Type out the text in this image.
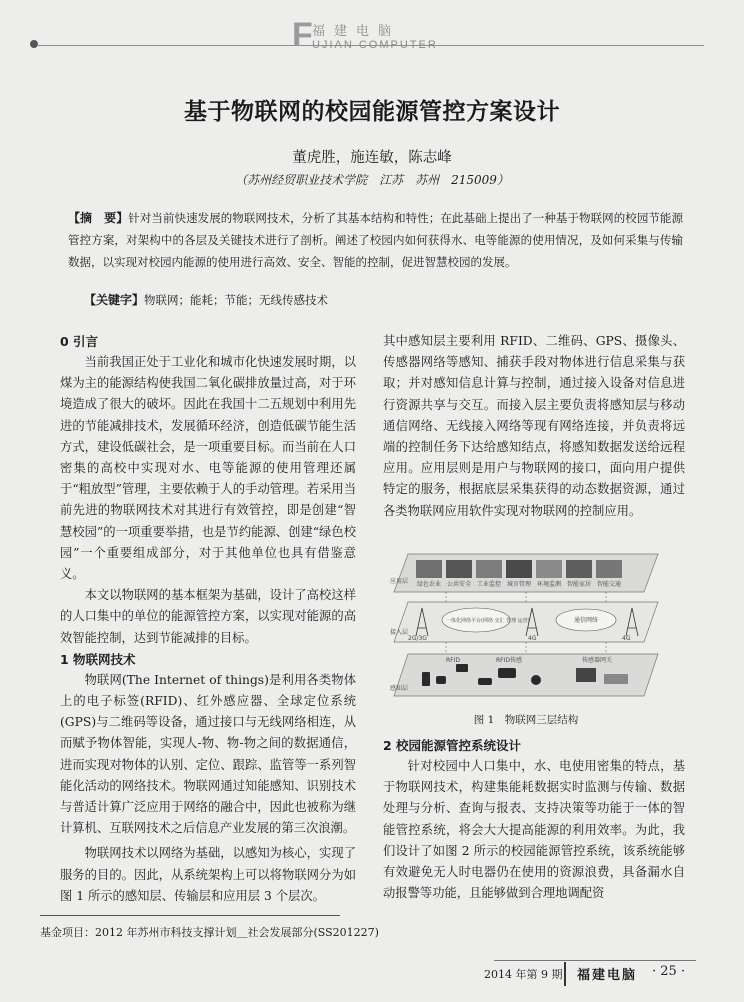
F 福建电脑
UJIAN COMPUTER
基于物联网的校园能源管控方案设计
董虎胜，施连敏，陈志峰
（苏州经贸职业技术学院　江苏　苏州　215009）
【摘　要】针对当前快速发展的物联网技术，分析了其基本结构和特性；在此基础上提出了一种基于物联网的校园节能源管控方案，对架构中的各层及关键技术进行了剖析。阐述了校园内如何获得水、电等能源的使用情况，及如何采集与传输数据，以实现对校园内能源的使用进行高效、安全、智能的控制，促进智慧校园的发展。
【关键字】物联网；能耗；节能；无线传感技术
0 引言

当前我国正处于工业化和城市化快速发展时期，以煤为主的能源结构使我国二氧化碳排放量过高，对于环境造成了很大的破坏。因此在我国十二五规划中利用先进的节能减排技术，发展循环经济，创造低碳节能生活方式，建设低碳社会，是一项重要目标。而当前在人口密集的高校中实现对水、电等能源的使用管理还属于“粗放型”管理，主要依赖于人的手动管理。若采用当前先进的物联网技术对其进行有效管控，即是创建“智慧校园”的一项重要举措，也是节约能源、创建“绿色校园”一个重要组成部分，对于其他单位也具有借鉴意义。

本文以物联网的基本框架为基础，设计了高校这样的人口集中的单位的能源管控方案，以实现对能源的高效智能控制，达到节能减排的目标。

1 物联网技术

物联网(The Internet of things)是利用各类物体上的电子标签(RFID)、红外感应器、全球定位系统(GPS)与二维码等设备，通过接口与无线网络相连，从而赋予物体智能，实现人-物、物-物之间的数据通信，进而实现对物体的认别、定位、跟踪、监管等一系列智能化活动的网络技术。物联网通过知能感知、识别技术与普适计算广泛应用于网络的融合中，因此也被称为继计算机、互联网技术之后信息产业发展的第三次浪潮。

物联网技术以网络为基础，以感知为核心，实现了服务的目的。因此，从系统架构上可以将物联网分为如图 1 所示的感知层、传输层和应用层 3 个层次。

其中感知层主要利用 RFID、二维码、GPS、摄像头、传感器网络等感知、捕获手段对物体进行信息采集与获取；并对感知信息计算与控制，通过接入设备对信息进行资源共享与交互。而接入层主要负责将感知层与移动通信网络、无线接入网络等现有网络连接，并负责将远端的控制任务下达给感知结点，将感知数据发送给远程应用。应用层则是用户与物联网的接口，面向用户提供特定的服务，根据底层采集获得的动态数据资源，通过各类物联网应用软件实现对物联网的控制应用。

应用层 绿色农业 公共安全 工业监控 城市管理 环境监测 智能家居 智能交通
接入层
一体化网络平台(网络 交汇 管理 运营)	通信网络
2G/3G	4G	4G
感知层
RFID	RFID传感	传感器网关
图 1　物联网三层结构
2 校园能源管控系统设计

针对校园中人口集中，水、电使用密集的特点，基于物联网技术，构建集能耗数据实时监测与传输、数据处理与分析、查询与报表、支持决策等功能于一体的智能管控系统，将会大大提高能源的利用效率。为此，我们设计了如图 2 所示的校园能源管控系统，该系统能够有效避免无人时电器仍在使用的资源浪费，具备漏水自动报警等功能，且能够做到合理地调配资

基金项目：2012 年苏州市科技支撑计划＿社会发展部分(SS201227)
2014 年第 9 期 福建电脑 · 25 ·
